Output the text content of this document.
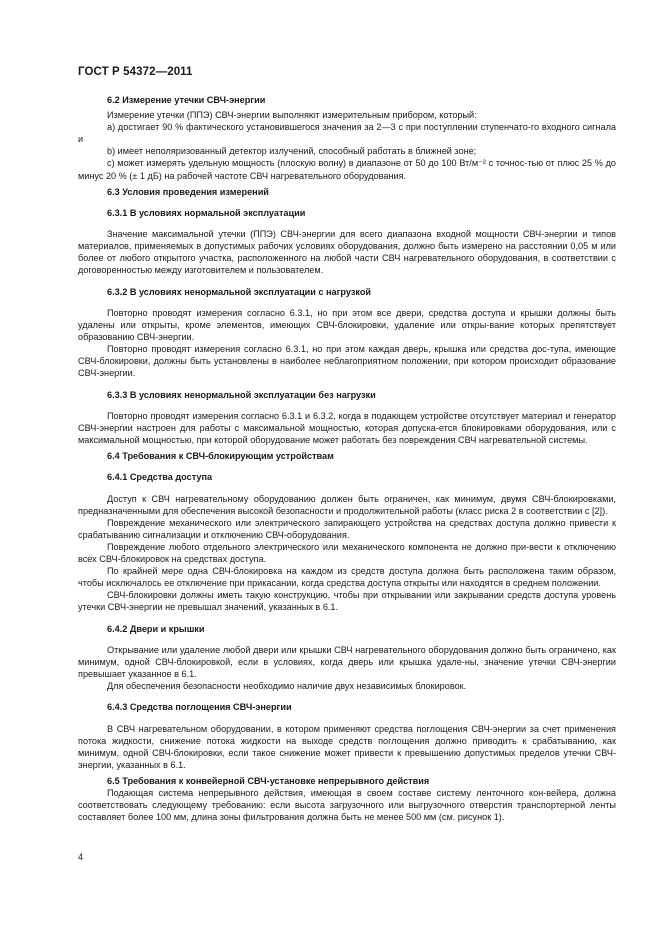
ГОСТ Р 54372—2011

6.2 Измерение утечки СВЧ-энергии

Измерение утечки (ППЭ) СВЧ-энергии выполняют измерительным прибором, который:

a) достигает 90 % фактического установившегося значения за 2—3 с при поступлении ступенчато-го входного сигнала и

b) имеет неполяризованный детектор излучений, способный работать в ближней зоне;

c) может измерять удельную мощность (плоскую волну) в диапазоне от 50 до 100 Вт/м⁻² с точнос-тью от плюс 25 % до минус 20 % (± 1 дБ) на рабочей частоте СВЧ нагревательного оборудования.

6.3 Условия проведения измерений

6.3.1 В условиях нормальной эксплуатации

Значение максимальной утечки (ППЭ) СВЧ-энергии для всего диапазона входной мощности СВЧ-энергии и типов материалов, применяемых в допустимых рабочих условиях оборудования, должно быть измерено на расстоянии 0,05 м или более от любого открытого участка, расположенного на любой части СВЧ нагревательного оборудования, в соответствии с договоренностью между изготовителем и пользователем.

6.3.2 В условиях ненормальной эксплуатации с нагрузкой

Повторно проводят измерения согласно 6.3.1, но при этом все двери, средства доступа и крышки должны быть удалены или открыты, кроме элементов, имеющих СВЧ-блокировки, удаление или откры-вание которых препятствует образованию СВЧ-энергии.

Повторно проводят измерения согласно 6.3.1, но при этом каждая дверь, крышка или средства дос-тупа, имеющие СВЧ-блокировки, должны быть установлены в наиболее неблагоприятном положении, при котором происходит образование СВЧ-энергии.

6.3.3 В условиях ненормальной эксплуатации без нагрузки

Повторно проводят измерения согласно 6.3.1 и 6.3.2, когда в подающем устройстве отсутствует материал и генератор СВЧ-энергии настроен для работы с максимальной мощностью, которая допуска-ется блокировками оборудования, или с максимальной мощностью, при которой оборудование может работать без повреждения СВЧ нагревательной системы.

6.4 Требования к СВЧ-блокирующим устройствам

6.4.1 Средства доступа

Доступ к СВЧ нагревательному оборудованию должен быть ограничен, как минимум, двумя СВЧ-блокировками, предназначенными для обеспечения высокой безопасности и продолжительной работы (класс риска 2 в соответствии с [2]).

Повреждение механического или электрического запирающего устройства на средствах доступа должно привести к срабатыванию сигнализации и отключению СВЧ-оборудования.

Повреждение любого отдельного электрического или механического компонента не должно при-вести к отключению всех СВЧ-блокировок на средствах доступа.

По крайней мере одна СВЧ-блокировка на каждом из средств доступа должна быть расположена таким образом, чтобы исключалось ее отключение при прикасании, когда средства доступа открыты или находятся в среднем положении.

СВЧ-блокировки должны иметь такую конструкцию, чтобы при открывании или закрывании средств доступа уровень утечки СВЧ-энергии не превышал значений, указанных в 6.1.

6.4.2 Двери и крышки

Открывание или удаление любой двери или крышки СВЧ нагревательного оборудования должно быть ограничено, как минимум, одной СВЧ-блокировкой, если в условиях, когда дверь или крышка удале-ны, значение утечки СВЧ-энергии превышает указанное в 6.1.

Для обеспечения безопасности необходимо наличие двух независимых блокировок.

6.4.3 Средства поглощения СВЧ-энергии

В СВЧ нагревательном оборудовании, в котором применяют средства поглощения СВЧ-энергии за счет применения потока жидкости, снижение потока жидкости на выходе средств поглощения должно приводить к срабатыванию, как минимум, одной СВЧ-блокировки, если такое снижение может привести к превышению допустимых пределов утечки СВЧ-энергии, указанных в 6.1.

6.5 Требования к конвейерной СВЧ-установке непрерывного действия

Подающая система непрерывного действия, имеющая в своем составе систему ленточного кон-вейера, должна соответствовать следующему требованию: если высота загрузочного или выгрузочного отверстия транспортерной ленты составляет более 100 мм, длина зоны фильтрования должна быть не менее 500 мм (см. рисунок 1).

4
